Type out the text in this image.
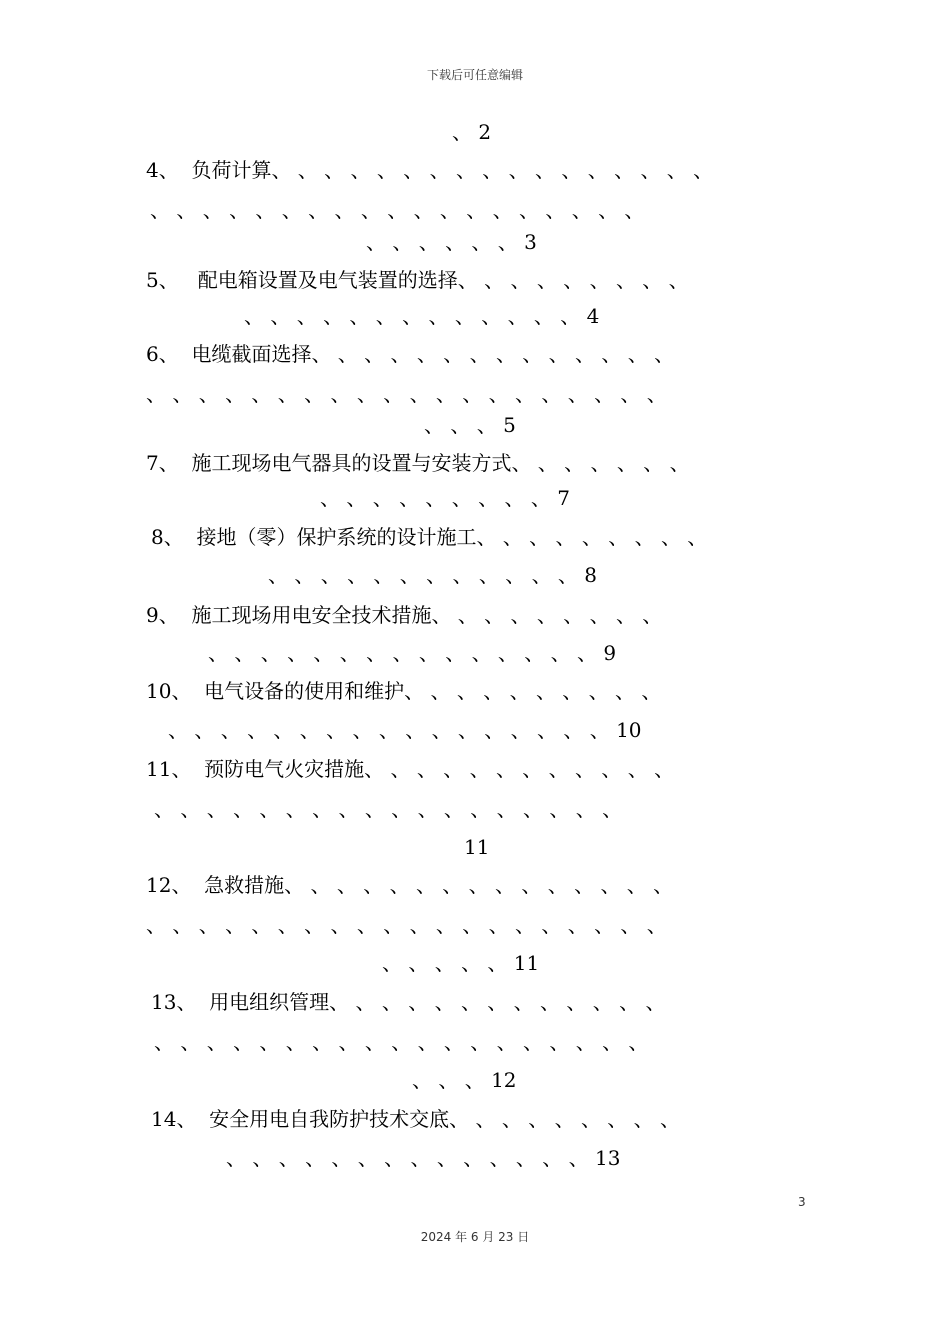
下载后可任意编辑
、 2
4、  负荷计算、 、 、 、 、 、 、 、 、 、 、 、 、 、 、 、 、
、 、 、 、 、 、 、 、 、 、 、 、 、 、 、 、 、 、 、
、 、 、 、 、 、 3
5、   配电箱设置及电气装置的选择、 、 、 、 、 、 、 、 、
、 、 、 、 、 、 、 、 、 、 、 、 、 4
6、  电缆截面选择、 、 、 、 、 、 、 、 、 、 、 、 、 、
、 、 、 、 、 、 、 、 、 、 、 、 、 、 、 、 、 、 、 、
、 、 、 5
7、  施工现场电气器具的设置与安装方式、 、 、 、 、 、 、
、 、 、 、 、 、 、 、 、 7
8、  接地（零）保护系统的设计施工、 、 、 、 、 、 、 、 、
、 、 、 、 、 、 、 、 、 、 、 、 8
9、  施工现场用电安全技术措施、 、 、 、 、 、 、 、 、
、 、 、 、 、 、 、 、 、 、 、 、 、 、 、 9
10、  电气设备的使用和维护、 、 、 、 、 、 、 、 、 、
、 、 、 、 、 、 、 、 、 、 、 、 、 、 、 、 、 10
11、  预防电气火灾措施、 、 、 、 、 、 、 、 、 、 、 、
、 、 、 、 、 、 、 、 、 、 、 、 、 、 、 、 、 、
11
12、  急救措施、 、 、 、 、 、 、 、 、 、 、 、 、 、 、
、 、 、 、 、 、 、 、 、 、 、 、 、 、 、 、 、 、 、 、
、 、 、 、 、 11
13、  用电组织管理、 、 、 、 、 、 、 、 、 、 、 、 、
、 、 、 、 、 、 、 、 、 、 、 、 、 、 、 、 、 、 、
、 、 、 12
14、  安全用电自我防护技术交底、 、 、 、 、 、 、 、 、
、 、 、 、 、 、 、 、 、 、 、 、 、 、 13
3
2024 年 6 月 23 日
